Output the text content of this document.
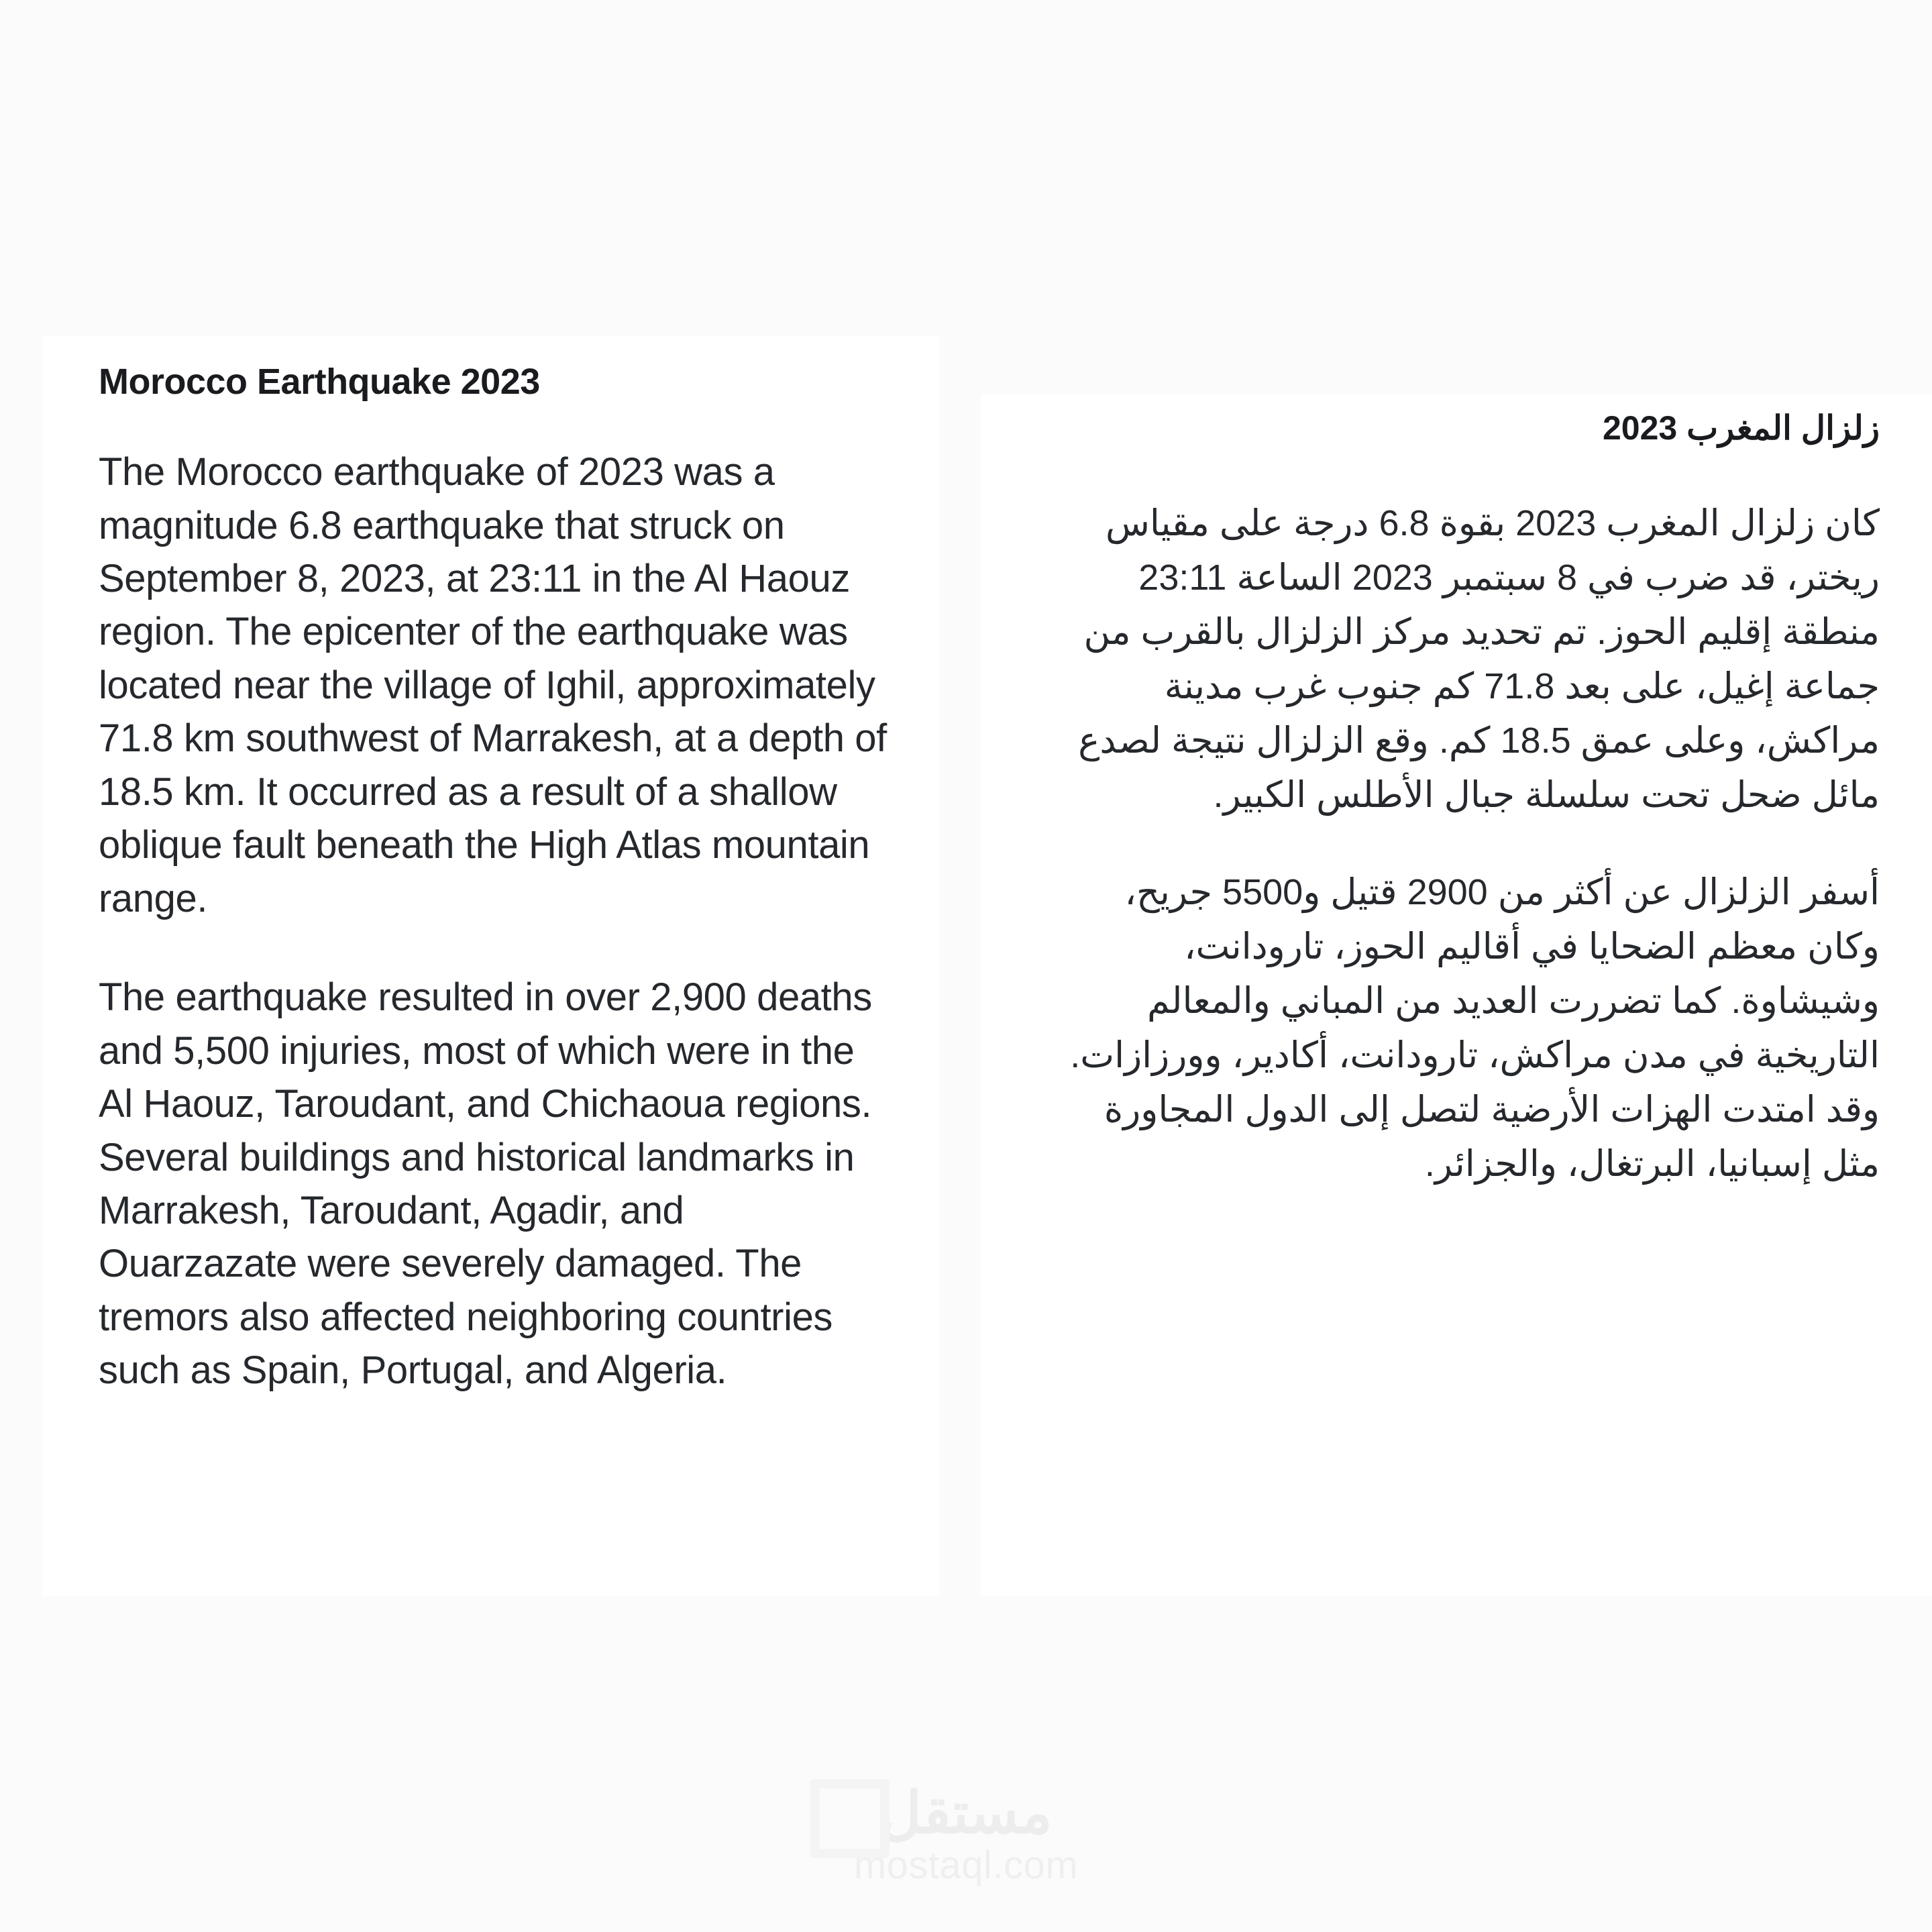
Morocco Earthquake 2023
The Morocco earthquake of 2023 was a magnitude 6.8 earthquake that struck on September 8, 2023, at 23:11 in the Al Haouz region. The epicenter of the earthquake was located near the village of Ighil, approximately 71.8 km southwest of Marrakesh, at a depth of 18.5 km. It occurred as a result of a shallow oblique fault beneath the High Atlas mountain range.
The earthquake resulted in over 2,900 deaths and 5,500 injuries, most of which were in the Al Haouz, Taroudant, and Chichaoua regions. Several buildings and historical landmarks in Marrakesh, Taroudant, Agadir, and Ouarzazate were severely damaged. The tremors also affected neighboring countries such as Spain, Portugal, and Algeria.
زلزال المغرب 2023
كان زلزال المغرب 2023 بقوة 6.8 درجة على مقياس ريختر، قد ضرب في 8 سبتمبر 2023 الساعة 23:11 منطقة إقليم الحوز. تم تحديد مركز الزلزال بالقرب من جماعة إغيل، على بعد 71.8 كم جنوب غرب مدينة مراكش، وعلى عمق 18.5 كم. وقع الزلزال نتيجة لصدع مائل ضحل تحت سلسلة جبال الأطلس الكبير.
أسفر الزلزال عن أكثر من 2900 قتيل و5500 جريح، وكان معظم الضحايا في أقاليم الحوز، تارودانت، وشيشاوة. كما تضررت العديد من المباني والمعالم التاريخية في مدن مراكش، تارودانت، أكادير، وورزازات. وقد امتدت الهزات الأرضية لتصل إلى الدول المجاورة مثل إسبانيا، البرتغال، والجزائر.
مستقل
mostaql.com
